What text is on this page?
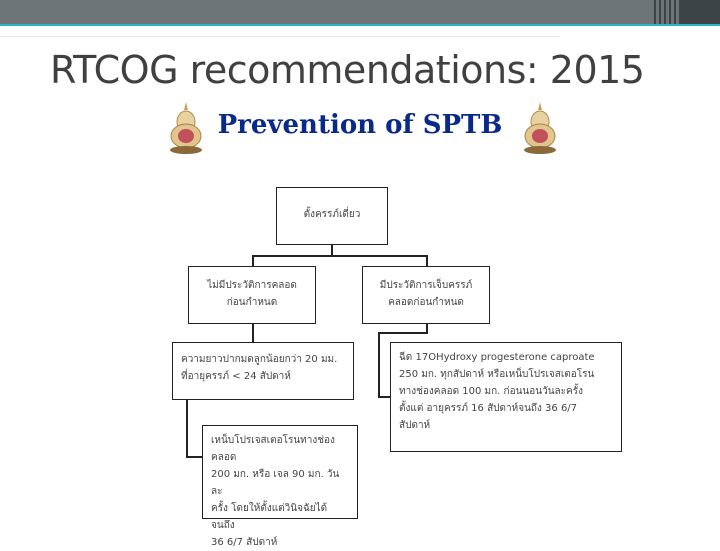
RTCOG recommendations: 2015
Prevention of SPTB
ตั้งครรภ์เดี่ยว
ไม่มีประวัติการคลอด
ก่อนกำหนด
มีประวัติการเจ็บครรภ์
คลอดก่อนกำหนด
ความยาวปากมดลูกน้อยกว่า 20 มม.
ที่อายุครรภ์ < 24 สัปดาห์
ฉีด 17OHydroxy progesterone caproate
250 มก. ทุกสัปดาห์ หรือเหน็บโปรเจสเตอโรน
ทางช่องคลอด 100 มก. ก่อนนอนวันละครั้ง
ตั้งแต่ อายุครรภ์ 16 สัปดาห์จนถึง 36 6/7
สัปดาห์
เหน็บโปรเจสเตอโรนทางช่องคลอด
200 มก. หรือ เจล 90 มก. วันละ
ครั้ง โดยให้ตั้งแต่วินิจฉัยได้จนถึง
36 6/7 สัปดาห์
